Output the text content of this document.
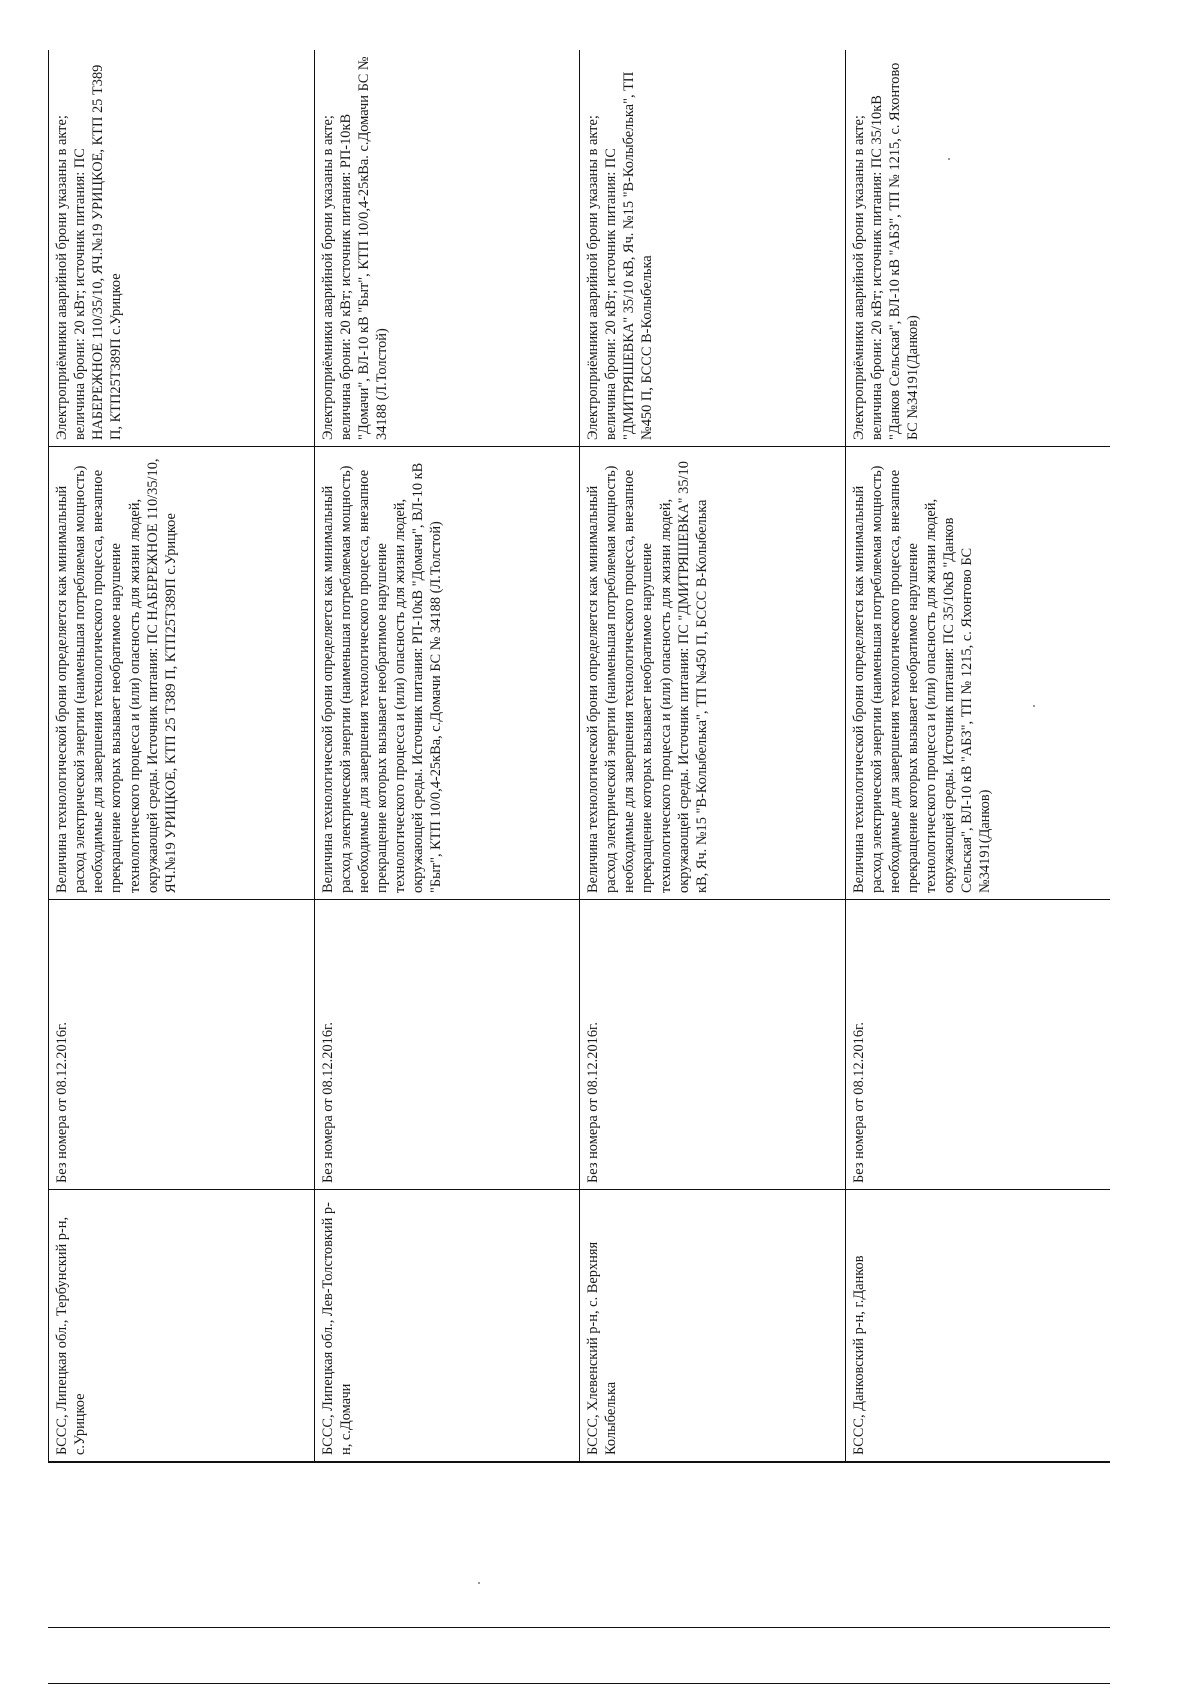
БССС, Липецкая обл., Тербунский р-н, с.Урицкое	Без номера от 08.12.2016г.	Величина технологической брони определяется как минимальный расход электрической энергии (наименьшая потребляемая мощность) необходимые для завершения технологического процесса, внезапное прекращение которых вызывает необратимое нарушение технологического процесса и (или) опасность для жизни людей, окружающей среды. Источник питания: ПС НАБЕРЕЖНОЕ 110/35/10, ЯЧ.№19 УРИЦКОЕ, КТП 25 Т389 П, КТП25Т389П с.Урицкое	Электроприёмники аварийной брони указаны в акте; величина брони: 20 кВт; источник питания: ПС НАБЕРЕЖНОЕ 110/35/10, ЯЧ.№19 УРИЦКОЕ, КТП 25 Т389 П, КТП25Т389П с.Урицкое
БССС, Липецкая обл., Лев-Толстовкий р-н, с.Домачи	Без номера от 08.12.2016г.	Величина технологической брони определяется как минимальный расход электрической энергии (наименьшая потребляемая мощность) необходимые для завершения технологического процесса, внезапное прекращение которых вызывает необратимое нарушение технологического процесса и (или) опасность для жизни людей, окружающей среды. Источник питания: РП-10кВ "Домачи", ВЛ-10 кВ "Быт", КТП 10/0,4-25кВа, с.Домачи БС № 34188 (Л.Толстой)	Электроприёмники аварийной брони указаны в акте; величина брони: 20 кВт; источник питания: РП-10кВ "Домачи", ВЛ-10 кВ "Быт", КТП 10/0,4-25кВа. с.Домачи БС № 34188 (Л.Толстой)
БССС, Хлевенский р-н, с. Верхняя Колыбелька	Без номера от 08.12.2016г.	Величина технологической брони определяется как минимальный расход электрической энергии (наименьшая потребляемая мощность) необходимые для завершения технологического процесса, внезапное прекращение которых вызывает необратимое нарушение технологического процесса и (или) опасность для жизни людей, окружающей среды. Источник питания: ПС "ДМИТРЯШЕВКА" 35/10 кВ, Яч. №15 "В-Колыбелька", ТП №450 П, БССС В-Колыбелька	Электроприёмники аварийной брони указаны в акте; величина брони: 20 кВт; источник питания: ПС "ДМИТРЯШЕВКА" 35/10 кВ, Яч. №15 "В-Колыбелька", ТП №450 П, БССС В-Колыбелька
БССС, Данковский р-н, г.Данков	Без номера от 08.12.2016г.	Величина технологической брони определяется как минимальный расход электрической энергии (наименьшая потребляемая мощность) необходимые для завершения технологического процесса, внезапное прекращение которых вызывает необратимое нарушение технологического процесса и (или) опасность для жизни людей, окружающей среды. Источник питания: ПС 35/10кВ "Данков Сельская", ВЛ-10 кВ "АБЗ", ТП № 1215, с. Яхонтово БС №34191(Данков)	Электроприёмники аварийной брони указаны в акте; величина брони: 20 кВт; источник питания: ПС 35/10кВ "Данков Сельская", ВЛ-10 кВ "АБЗ", ТП № 1215, с. Яхонтово БС №34191(Данков)
